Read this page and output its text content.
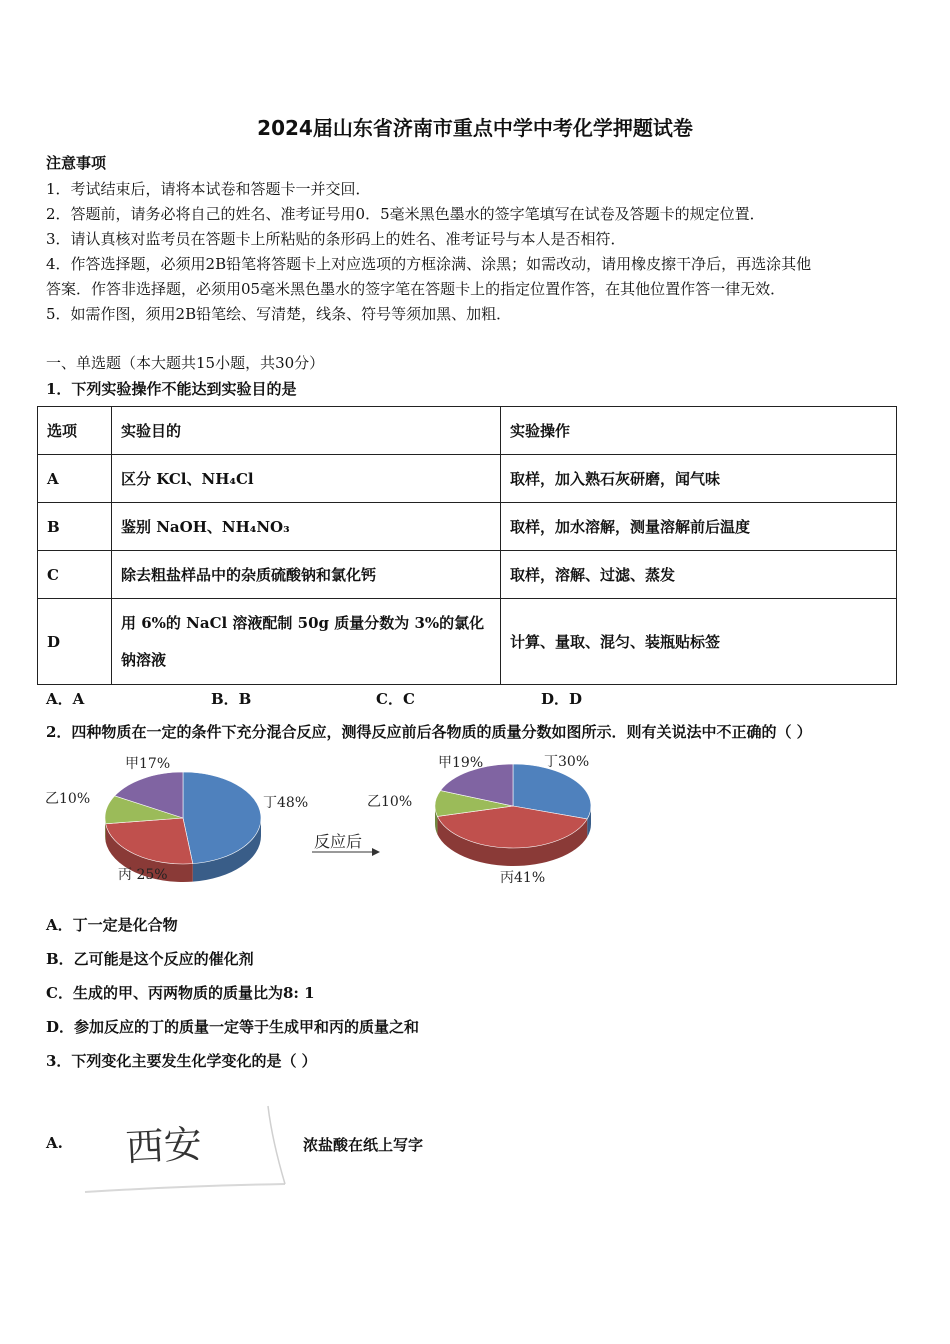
2024届山东省济南市重点中学中考化学押题试卷
注意事项
1．考试结束后，请将本试卷和答题卡一并交回．
2．答题前，请务必将自己的姓名、准考证号用0．5毫米黑色墨水的签字笔填写在试卷及答题卡的规定位置．
3．请认真核对监考员在答题卡上所粘贴的条形码上的姓名、准考证号与本人是否相符．
4．作答选择题，必须用2B铅笔将答题卡上对应选项的方框涂满、涂黑；如需改动，请用橡皮擦干净后，再选涂其他
答案．作答非选择题，必须用05毫米黑色墨水的签字笔在答题卡上的指定位置作答，在其他位置作答一律无效．
5．如需作图，须用2B铅笔绘、写清楚，线条、符号等须加黑、加粗．
一、单选题（本大题共15小题，共30分）
1．下列实验操作不能达到实验目的是
选项	实验目的	实验操作
A	区分 KCl、NH₄Cl	取样，加入熟石灰研磨，闻气味
B	鉴别 NaOH、NH₄NO₃	取样，加水溶解，测量溶解前后温度
C	除去粗盐样品中的杂质硫酸钠和氯化钙	取样，溶解、过滤、蒸发
D	用 6%的 NaCl 溶液配制 50g 质量分数为 3%的氯化
钠溶液	计算、量取、混匀、装瓶贴标签
A．A	B．B	C．C	D．D
2．四种物质在一定的条件下充分混合反应，测得反应前后各物质的质量分数如图所示．则有关说法中不正确的（ ）
甲17%
乙10%
丙 25%
丁48%
反应后
甲19%
乙10%
丙41%
丁30%
A．丁一定是化合物
B．乙可能是这个反应的催化剂
C．生成的甲、丙两物质的质量比为8: 1
D．参加反应的丁的质量一定等于生成甲和丙的质量之和
3．下列变化主要发生化学变化的是（ ）
A. 西安	浓盐酸在纸上写字
